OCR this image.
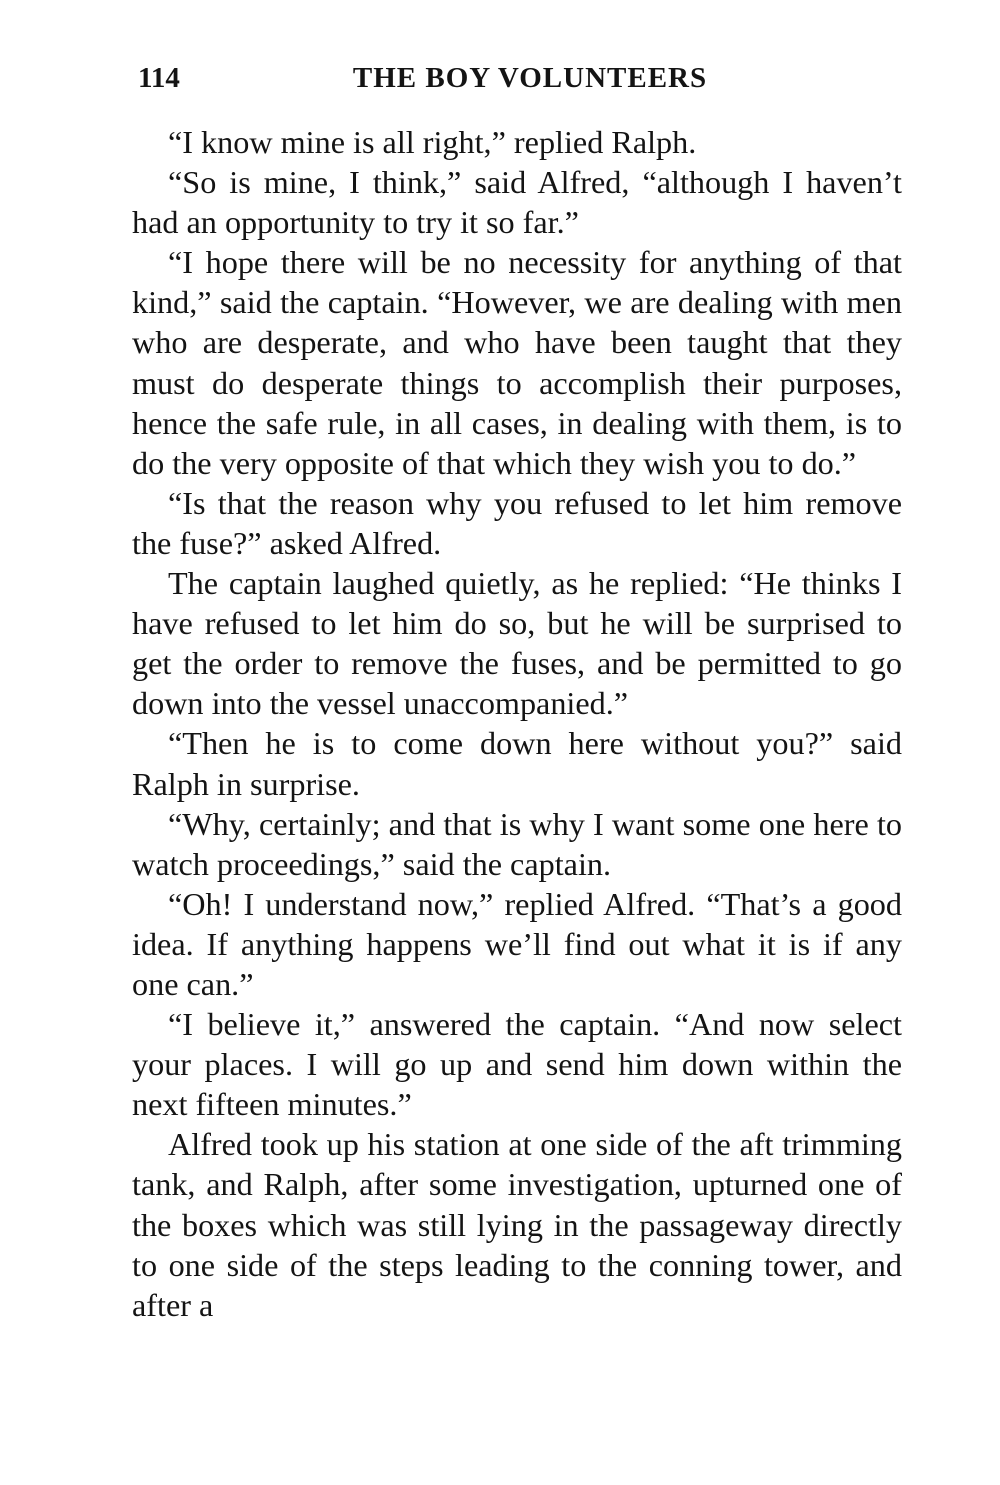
114	THE BOY VOLUNTEERS

“I know mine is all right,” replied Ralph.

“So is mine, I think,” said Alfred, “although I haven’t had an opportunity to try it so far.”

“I hope there will be no necessity for anything of that kind,” said the captain. “However, we are dealing with men who are desperate, and who have been taught that they must do desperate things to accomplish their purposes, hence the safe rule, in all cases, in dealing with them, is to do the very opposite of that which they wish you to do.”

“Is that the reason why you refused to let him remove the fuse?” asked Alfred.

The captain laughed quietly, as he replied: “He thinks I have refused to let him do so, but he will be surprised to get the order to remove the fuses, and be permitted to go down into the vessel unaccompanied.”

“Then he is to come down here without you?” said Ralph in surprise.

“Why, certainly; and that is why I want some one here to watch proceedings,” said the captain.

“Oh! I understand now,” replied Alfred. “That’s a good idea. If anything happens we’ll find out what it is if any one can.”

“I believe it,” answered the captain. “And now select your places. I will go up and send him down within the next fifteen minutes.”

Alfred took up his station at one side of the aft trimming tank, and Ralph, after some investigation, upturned one of the boxes which was still lying in the passageway directly to one side of the steps leading to the conning tower, and after a
